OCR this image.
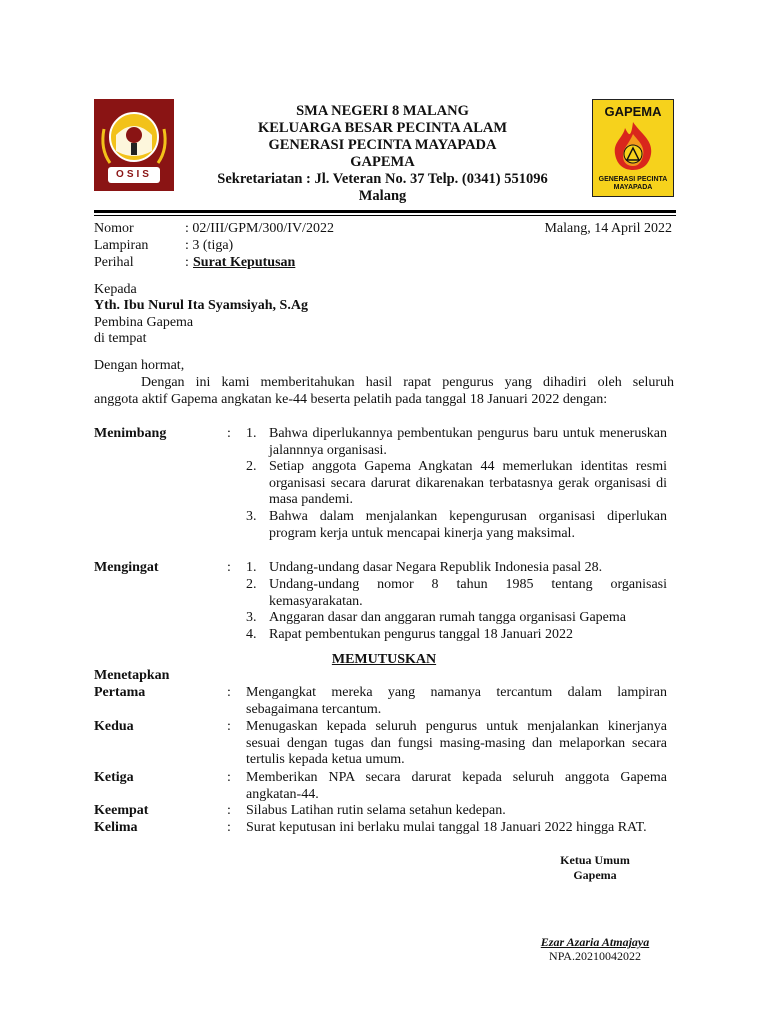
OSIS
GAPEMA
GENERASI PECINTA
MAYAPADA
SMA NEGERI 8 MALANG
KELUARGA BESAR PECINTA ALAM
GENERASI PECINTA MAYAPADA
GAPEMA
Sekretariatan : Jl. Veteran No. 37 Telp. (0341) 551096
Malang
Nomor	: 02/III/GPM/300/IV/2022	Malang, 14 April 2022
Lampiran	: 3 (tiga)
Perihal	: Surat Keputusan
Kepada
Yth. Ibu Nurul Ita Syamsiyah, S.Ag
Pembina Gapema
di tempat
Dengan hormat,
Dengan ini kami memberitahukan hasil rapat pengurus yang dihadiri oleh seluruh
anggota aktif Gapema angkatan ke-44 beserta pelatih pada tanggal 18 Januari 2022 dengan:
Menimbang	: 1. Bahwa diperlukannya pembentukan pengurus baru untuk meneruskan jalannnya organisasi.
2. Setiap anggota Gapema Angkatan 44 memerlukan identitas resmi organisasi secara darurat dikarenakan terbatasnya gerak organisasi di masa pandemi.
3. Bahwa dalam menjalankan kepengurusan organisasi diperlukan program kerja untuk mencapai kinerja yang maksimal.
Mengingat	: 1. Undang-undang dasar Negara Republik Indonesia pasal 28.
2. Undang-undang nomor 8 tahun 1985 tentang organisasi kemasyarakatan.
3. Anggaran dasar dan anggaran rumah tangga organisasi Gapema
4. Rapat pembentukan pengurus tanggal 18 Januari 2022
MEMUTUSKAN
Menetapkan
Pertama	: Mengangkat mereka yang namanya tercantum dalam lampiran sebagaimana tercantum.
Kedua	: Menugaskan kepada seluruh pengurus untuk menjalankan kinerjanya sesuai dengan tugas dan fungsi masing-masing dan melaporkan secara tertulis kepada ketua umum.
Ketiga	: Memberikan NPA secara darurat kepada seluruh anggota Gapema angkatan-44.
Keempat	: Silabus Latihan rutin selama setahun kedepan.
Kelima	: Surat keputusan ini berlaku mulai tanggal 18 Januari 2022 hingga RAT.
Ketua Umum
Gapema
Ezar Azaria Atmajaya
NPA.20210042022
